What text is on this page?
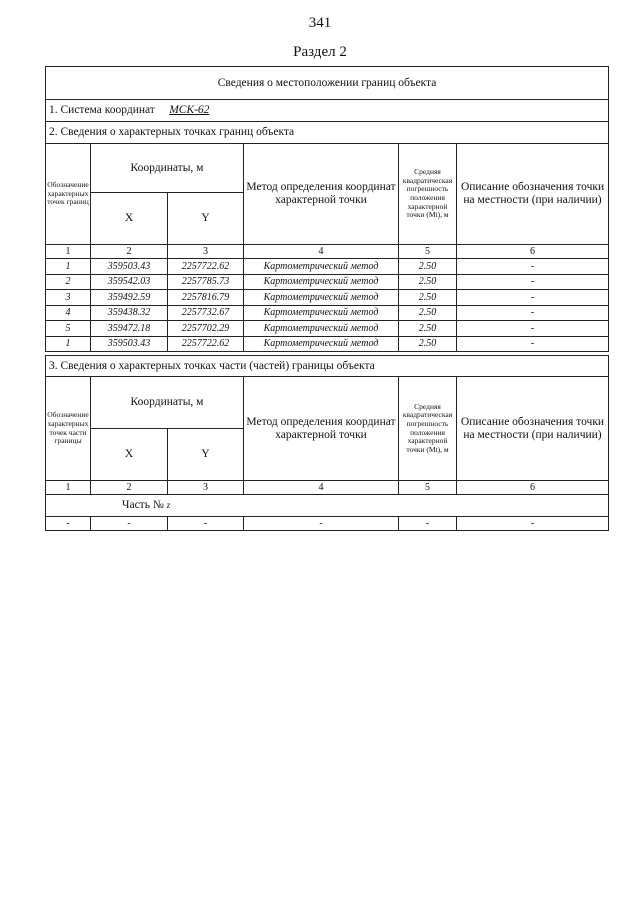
341
Раздел 2
Сведения о местоположении границ объекта					
1. Система координат МСК-62					
2. Сведения о характерных точках границ объекта					
Обозначение характерных точек границ	Координаты, м		Метод определения координат характерной точки	Средняя квадратическая погрешность положения характерной точки (Mt), м	Описание обозначения точки на местности (при наличии)
	X	Y			
1	2	3	4	5	6
1	359503.43	2257722.62	Картометрический метод	2.50	-
2	359542.03	2257785.73	Картометрический метод	2.50	-
3	359492.59	2257816.79	Картометрический метод	2.50	-
4	359438.32	2257732.67	Картометрический метод	2.50	-
5	359472.18	2257702.29	Картометрический метод	2.50	-
1	359503.43	2257722.62	Картометрический метод	2.50	-
3. Сведения о характерных точках части (частей) границы объекта					
Обозначение характерных точек части границы	Координаты, м		Метод определения координат характерной точки	Средняя квадратическая погрешность положения характерной точки (Mt), м	Описание обозначения точки на местности (при наличии)
	X	Y			
1	2	3	4	5	6
Часть № z					
-	-	-	-	-	-
